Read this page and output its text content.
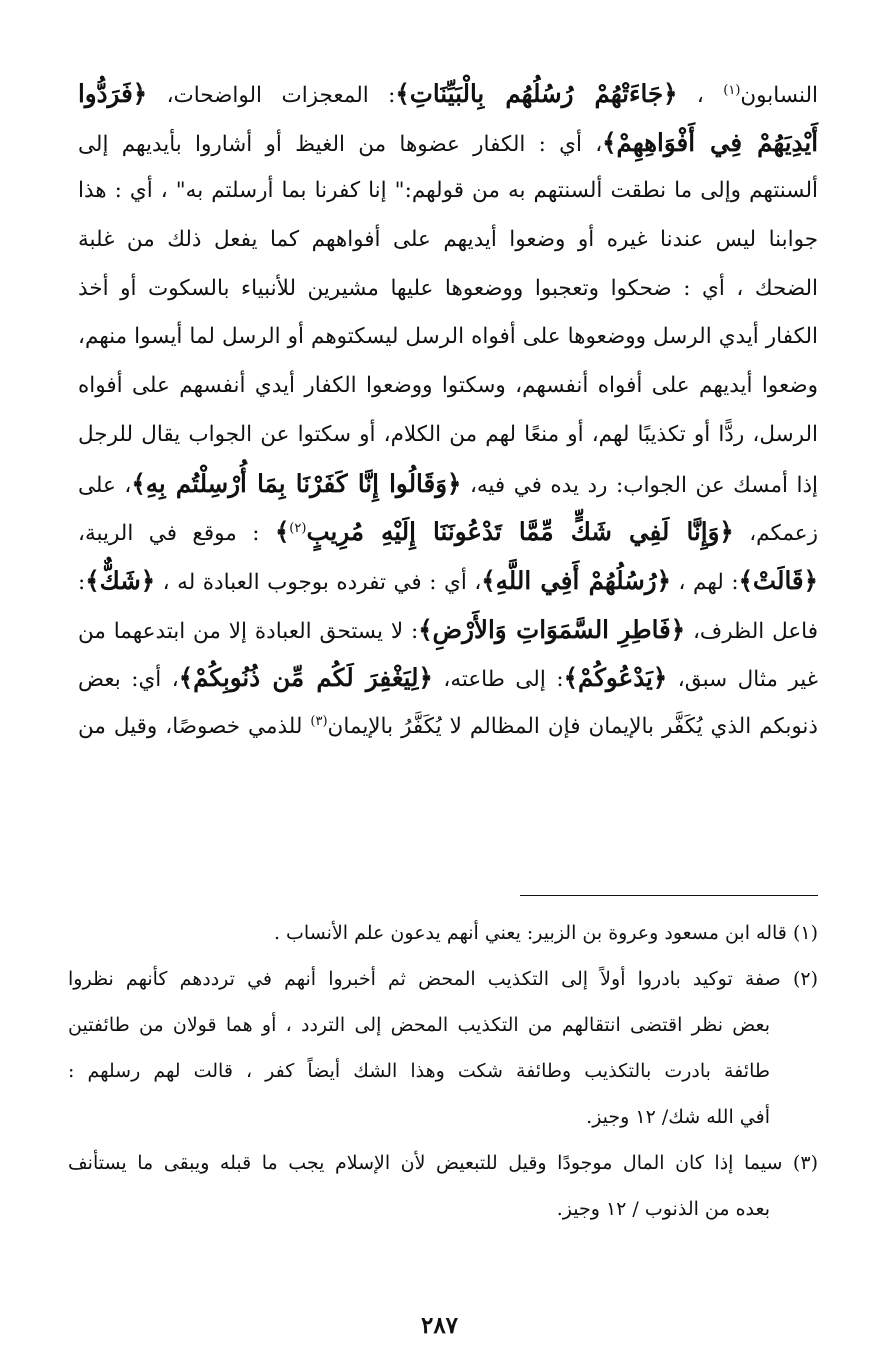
النسابون$^{(١)}$ ، ﴿جَاءَتْهُمْ رُسُلُهُم بِالْبَيِّنَاتِ﴾: المعجزات الواضحات، ﴿فَرَدُّوا
أَيْدِيَهُمْ فِي أَفْوَاهِهِمْ﴾، أي : الكفار عضوها من الغيظ أو أشاروا بأيديهم إلى
ألسنتهم وإلى ما نطقت ألسنتهم به من قولهم:" إنا كفرنا بما أرسلتم به" ، أي : هذا
جوابنا ليس عندنا غيره أو وضعوا أيديهم على أفواههم كما يفعل ذلك من غلبة
الضحك ، أي : ضحكوا وتعجبوا ووضعوها عليها مشيرين للأنبياء بالسكوت أو أخذ
الكفار أيدي الرسل ووضعوها على أفواه الرسل ليسكتوهم أو الرسل لما أيسوا منهم،
وضعوا أيديهم على أفواه أنفسهم، وسكتوا ووضعوا الكفار أيدي أنفسهم على أفواه
الرسل، ردًّا أو تكذيبًا لهم، أو منعًا لهم من الكلام، أو سكتوا عن الجواب يقال للرجل
إذا أمسك عن الجواب: رد يده في فيه، ﴿وَقَالُوا إِنَّا كَفَرْنَا بِمَا أُرْسِلْتُم بِهِ﴾، على
زعمكم، ﴿وَإِنَّا لَفِي شَكٍّ مِّمَّا تَدْعُونَنَا إِلَيْهِ مُرِيبٍ$^{(٢)}$﴾ : موقع في الريبة،
﴿قَالَتْ﴾: لهم ، ﴿رُسُلُهُمْ أَفِي اللَّهِ﴾، أي : في تفرده بوجوب العبادة له ، ﴿شَكٌّ﴾:
فاعل الظرف، ﴿فَاطِرِ السَّمَوَاتِ وَالأَرْضِ﴾: لا يستحق العبادة إلا من ابتدعهما من
غير مثال سبق، ﴿يَدْعُوكُمْ﴾: إلى طاعته، ﴿لِيَغْفِرَ لَكُم مِّن ذُنُوبِكُمْ﴾، أي: بعض
ذنوبكم الذي يُكَفَّر بالإيمان فإن المظالم لا يُكَفَّرُ بالإيمان$^{(٣)}$ للذمي خصوصًا، وقيل من
(١) قاله ابن مسعود وعروة بن الزبير: يعني أنهم يدعون علم الأنساب .
(٢) صفة توكيد بادروا أولاً إلى التكذيب المحض ثم أخبروا أنهم في ترددهم كأنهم نظروا
بعض نظر اقتضى انتقالهم من التكذيب المحض إلى التردد ، أو هما قولان من طائفتين
طائفة بادرت بالتكذيب وطائفة شكت وهذا الشك أيضاً كفر ، قالت لهم رسلهم :
أفي الله شك/ ١٢ وجيز.
(٣) سيما إذا كان المال موجودًا وقيل للتبعيض لأن الإسلام يجب ما قبله ويبقى ما يستأنف
بعده من الذنوب / ١٢ وجيز.
٢٨٧
